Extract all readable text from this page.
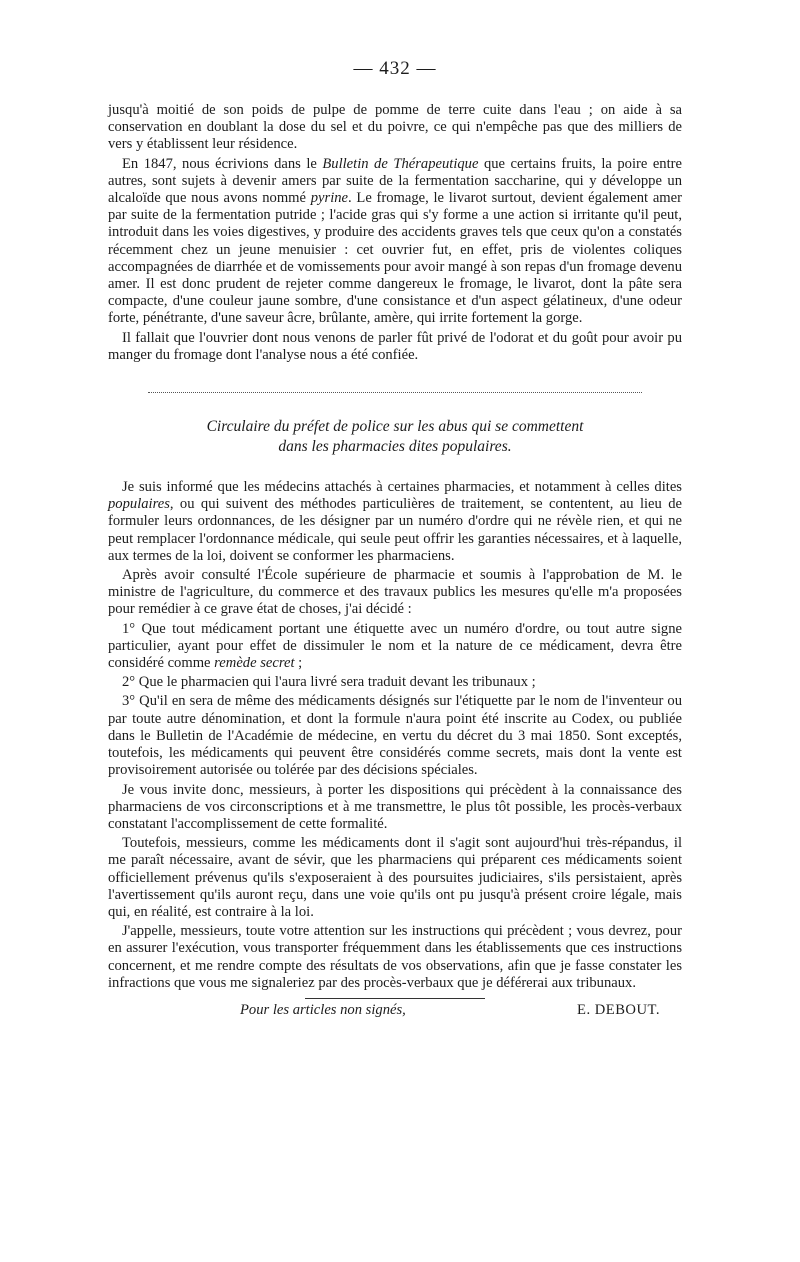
— 432 —

jusqu'à moitié de son poids de pulpe de pomme de terre cuite dans l'eau ; on aide à sa conservation en doublant la dose du sel et du poivre, ce qui n'empêche pas que des milliers de vers y établissent leur résidence.

En 1847, nous écrivions dans le Bulletin de Thérapeutique que certains fruits, la poire entre autres, sont sujets à devenir amers par suite de la fermentation saccharine, qui y développe un alcaloïde que nous avons nommé pyrine. Le fromage, le livarot surtout, devient également amer par suite de la fermentation putride ; l'acide gras qui s'y forme a une action si irritante qu'il peut, introduit dans les voies digestives, y produire des accidents graves tels que ceux qu'on a constatés récemment chez un jeune menuisier : cet ouvrier fut, en effet, pris de violentes coliques accompagnées de diarrhée et de vomissements pour avoir mangé à son repas d'un fromage devenu amer. Il est donc prudent de rejeter comme dangereux le fromage, le livarot, dont la pâte sera compacte, d'une couleur jaune sombre, d'une consistance et d'un aspect gélatineux, d'une odeur forte, pénétrante, d'une saveur âcre, brûlante, amère, qui irrite fortement la gorge.

Il fallait que l'ouvrier dont nous venons de parler fût privé de l'odorat et du goût pour avoir pu manger du fromage dont l'analyse nous a été confiée.

Circulaire du préfet de police sur les abus qui se commettent
dans les pharmacies dites populaires.

Je suis informé que les médecins attachés à certaines pharmacies, et notamment à celles dites populaires, ou qui suivent des méthodes particulières de traitement, se contentent, au lieu de formuler leurs ordonnances, de les désigner par un numéro d'ordre qui ne révèle rien, et qui ne peut remplacer l'ordonnance médicale, qui seule peut offrir les garanties nécessaires, et à laquelle, aux termes de la loi, doivent se conformer les pharmaciens.

Après avoir consulté l'École supérieure de pharmacie et soumis à l'approbation de M. le ministre de l'agriculture, du commerce et des travaux publics les mesures qu'elle m'a proposées pour remédier à ce grave état de choses, j'ai décidé :

1° Que tout médicament portant une étiquette avec un numéro d'ordre, ou tout autre signe particulier, ayant pour effet de dissimuler le nom et la nature de ce médicament, devra être considéré comme remède secret ;

2° Que le pharmacien qui l'aura livré sera traduit devant les tribunaux ;

3° Qu'il en sera de même des médicaments désignés sur l'étiquette par le nom de l'inventeur ou par toute autre dénomination, et dont la formule n'aura point été inscrite au Codex, ou publiée dans le Bulletin de l'Académie de médecine, en vertu du décret du 3 mai 1850. Sont exceptés, toutefois, les médicaments qui peuvent être considérés comme secrets, mais dont la vente est provisoirement autorisée ou tolérée par des décisions spéciales.

Je vous invite donc, messieurs, à porter les dispositions qui précèdent à la connaissance des pharmaciens de vos circonscriptions et à me transmettre, le plus tôt possible, les procès-verbaux constatant l'accomplissement de cette formalité.

Toutefois, messieurs, comme les médicaments dont il s'agit sont aujourd'hui très-répandus, il me paraît nécessaire, avant de sévir, que les pharmaciens qui préparent ces médicaments soient officiellement prévenus qu'ils s'exposeraient à des poursuites judiciaires, s'ils persistaient, après l'avertissement qu'ils auront reçu, dans une voie qu'ils ont pu jusqu'à présent croire légale, mais qui, en réalité, est contraire à la loi.

J'appelle, messieurs, toute votre attention sur les instructions qui précèdent ; vous devrez, pour en assurer l'exécution, vous transporter fréquemment dans les établissements que ces instructions concernent, et me rendre compte des résultats de vos observations, afin que je fasse constater les infractions que vous me signaleriez par des procès-verbaux que je déférerai aux tribunaux.

Pour les articles non signés,	E. DEBOUT.
